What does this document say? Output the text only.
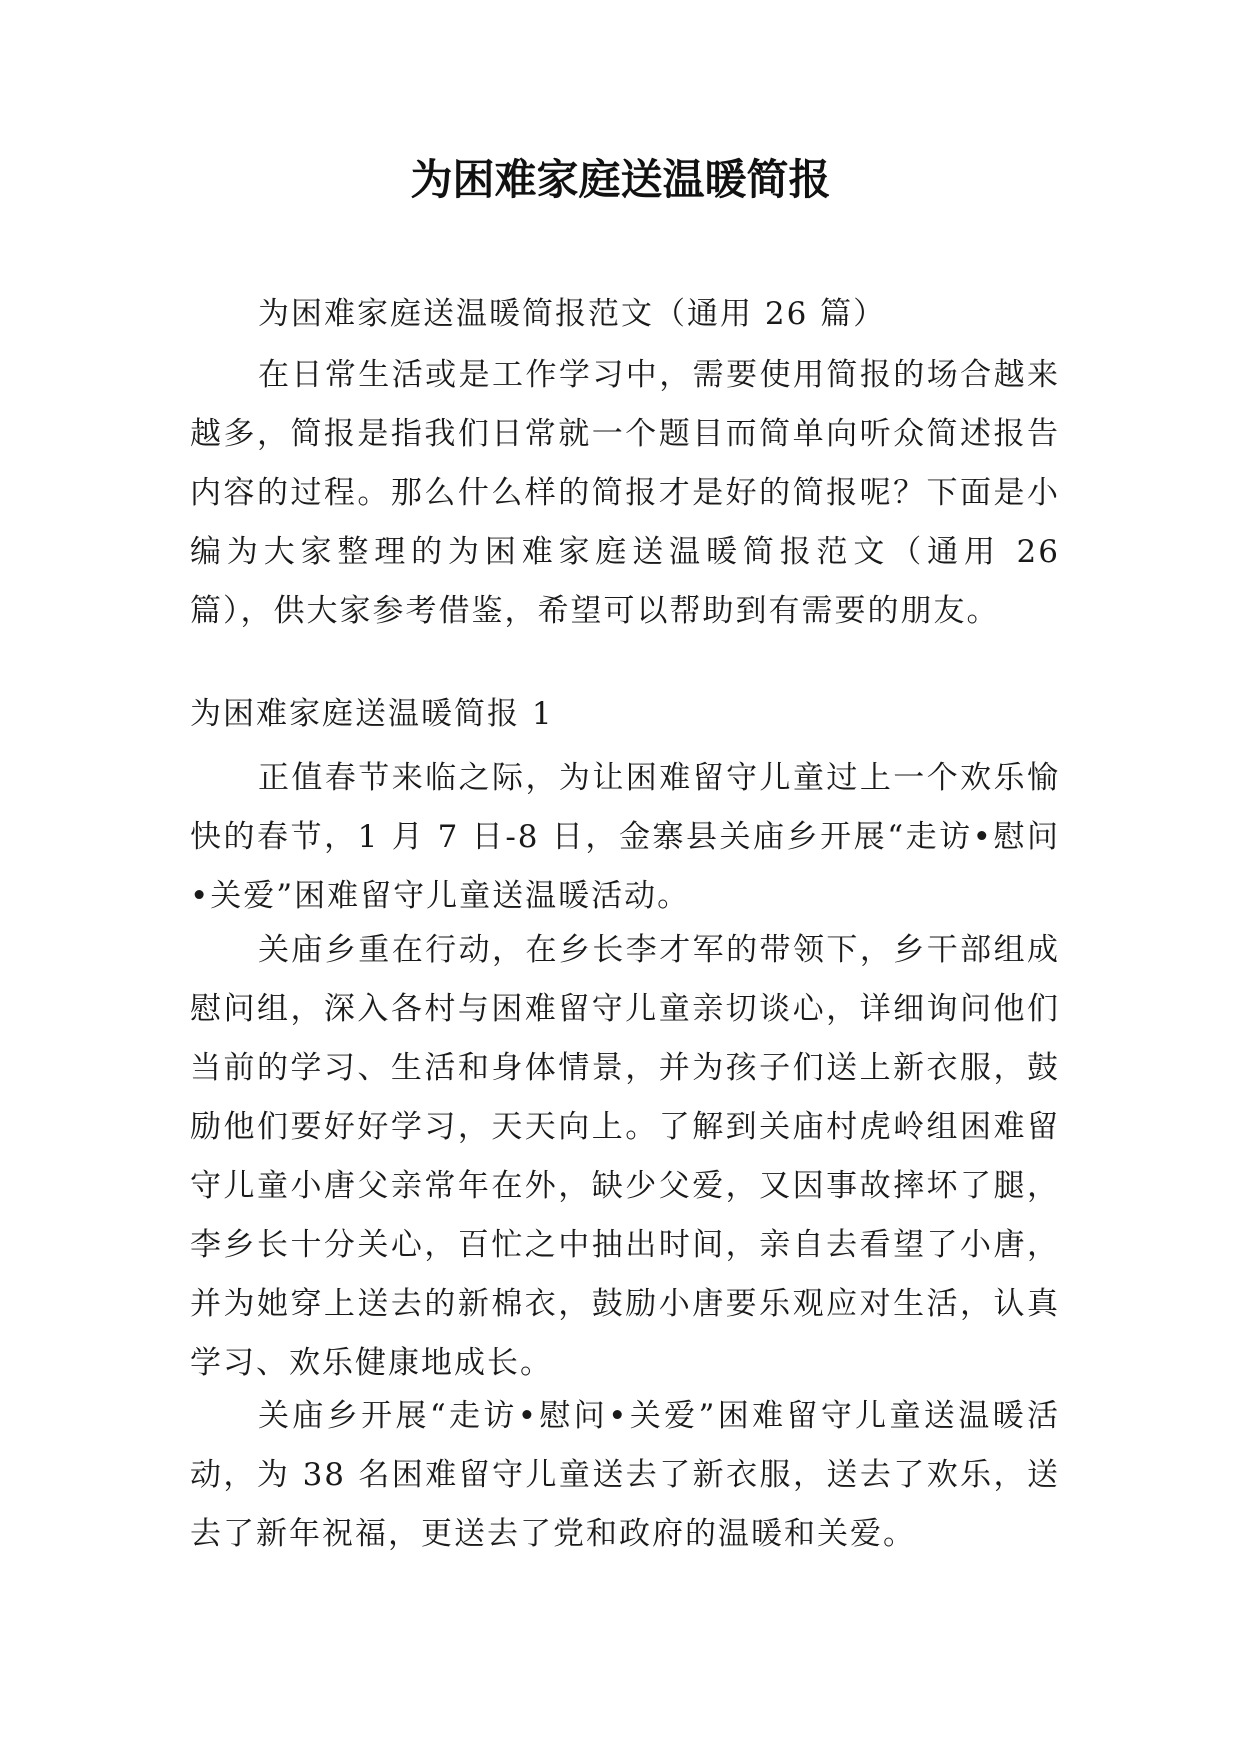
为困难家庭送温暖简报

为困难家庭送温暖简报范文（通用 26 篇）

在日常生活或是工作学习中，需要使用简报的场合越来越多，简报是指我们日常就一个题目而简单向听众简述报告内容的过程。那么什么样的简报才是好的简报呢？下面是小编为大家整理的为困难家庭送温暖简报范文（通用 26 篇），供大家参考借鉴，希望可以帮助到有需要的朋友。

为困难家庭送温暖简报 1

正值春节来临之际，为让困难留守儿童过上一个欢乐愉快的春节，1 月 7 日-8 日，金寨县关庙乡开展“走访•慰问•关爱”困难留守儿童送温暖活动。

关庙乡重在行动，在乡长李才军的带领下，乡干部组成慰问组，深入各村与困难留守儿童亲切谈心，详细询问他们当前的学习、生活和身体情景，并为孩子们送上新衣服，鼓励他们要好好学习，天天向上。了解到关庙村虎岭组困难留守儿童小唐父亲常年在外，缺少父爱，又因事故摔坏了腿，李乡长十分关心，百忙之中抽出时间，亲自去看望了小唐，并为她穿上送去的新棉衣，鼓励小唐要乐观应对生活，认真学习、欢乐健康地成长。

关庙乡开展“走访•慰问•关爱”困难留守儿童送温暖活动，为 38 名困难留守儿童送去了新衣服，送去了欢乐，送去了新年祝福，更送去了党和政府的温暖和关爱。
